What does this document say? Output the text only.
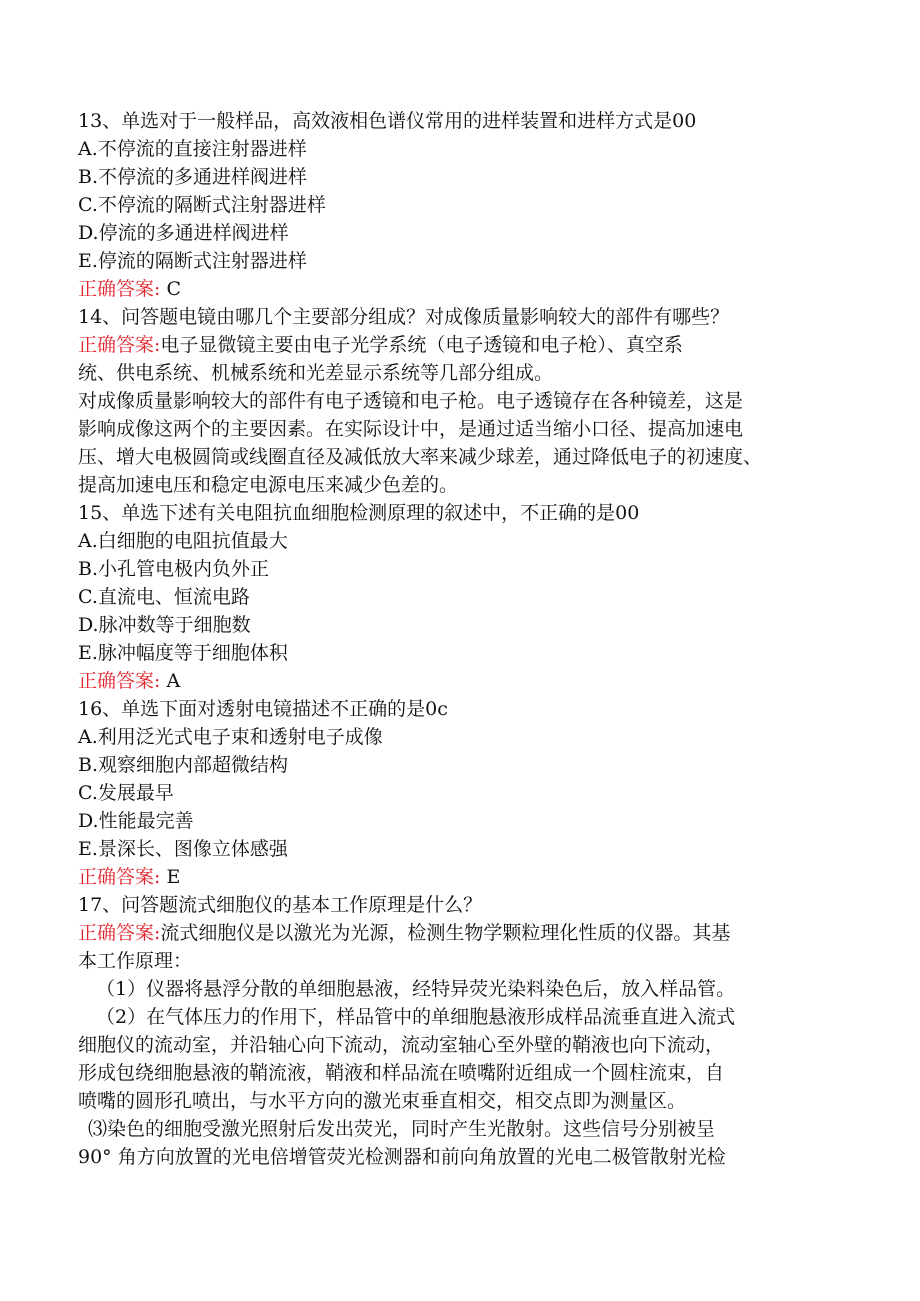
13、单选对于一般样品，高效液相色谱仪常用的进样装置和进样方式是00
A.不停流的直接注射器进样
B.不停流的多通进样阀进样
C.不停流的隔断式注射器进样
D.停流的多通进样阀进样
E.停流的隔断式注射器进样
正确答案: C
14、问答题电镜由哪几个主要部分组成？对成像质量影响较大的部件有哪些？
正确答案:电子显微镜主要由电子光学系统（电子透镜和电子枪）、真空系
统、供电系统、机械系统和光差显示系统等几部分组成。
对成像质量影响较大的部件有电子透镜和电子枪。电子透镜存在各种镜差，这是
影响成像这两个的主要因素。在实际设计中，是通过适当缩小口径、提高加速电
压、增大电极圆筒或线圈直径及减低放大率来减少球差，通过降低电子的初速度、
提高加速电压和稳定电源电压来减少色差的。
15、单选下述有关电阻抗血细胞检测原理的叙述中，不正确的是00
A.白细胞的电阻抗值最大
B.小孔管电极内负外正
C.直流电、恒流电路
D.脉冲数等于细胞数
E.脉冲幅度等于细胞体积
正确答案: A
16、单选下面对透射电镜描述不正确的是0c
A.利用泛光式电子束和透射电子成像
B.观察细胞内部超微结构
C.发展最早
D.性能最完善
E.景深长、图像立体感强
正确答案: E
17、问答题流式细胞仪的基本工作原理是什么？
正确答案:流式细胞仪是以激光为光源，检测生物学颗粒理化性质的仪器。其基
本工作原理：
（1）仪器将悬浮分散的单细胞悬液，经特异荧光染料染色后，放入样品管。
（2）在气体压力的作用下，样品管中的单细胞悬液形成样品流垂直进入流式
细胞仪的流动室，并沿轴心向下流动，流动室轴心至外壁的鞘液也向下流动，
形成包绕细胞悬液的鞘流液，鞘液和样品流在喷嘴附近组成一个圆柱流束，自
喷嘴的圆形孔喷出，与水平方向的激光束垂直相交，相交点即为测量区。
⑶染色的细胞受激光照射后发出荧光，同时产生光散射。这些信号分别被呈
90° 角方向放置的光电倍增管荧光检测器和前向角放置的光电二极管散射光检
